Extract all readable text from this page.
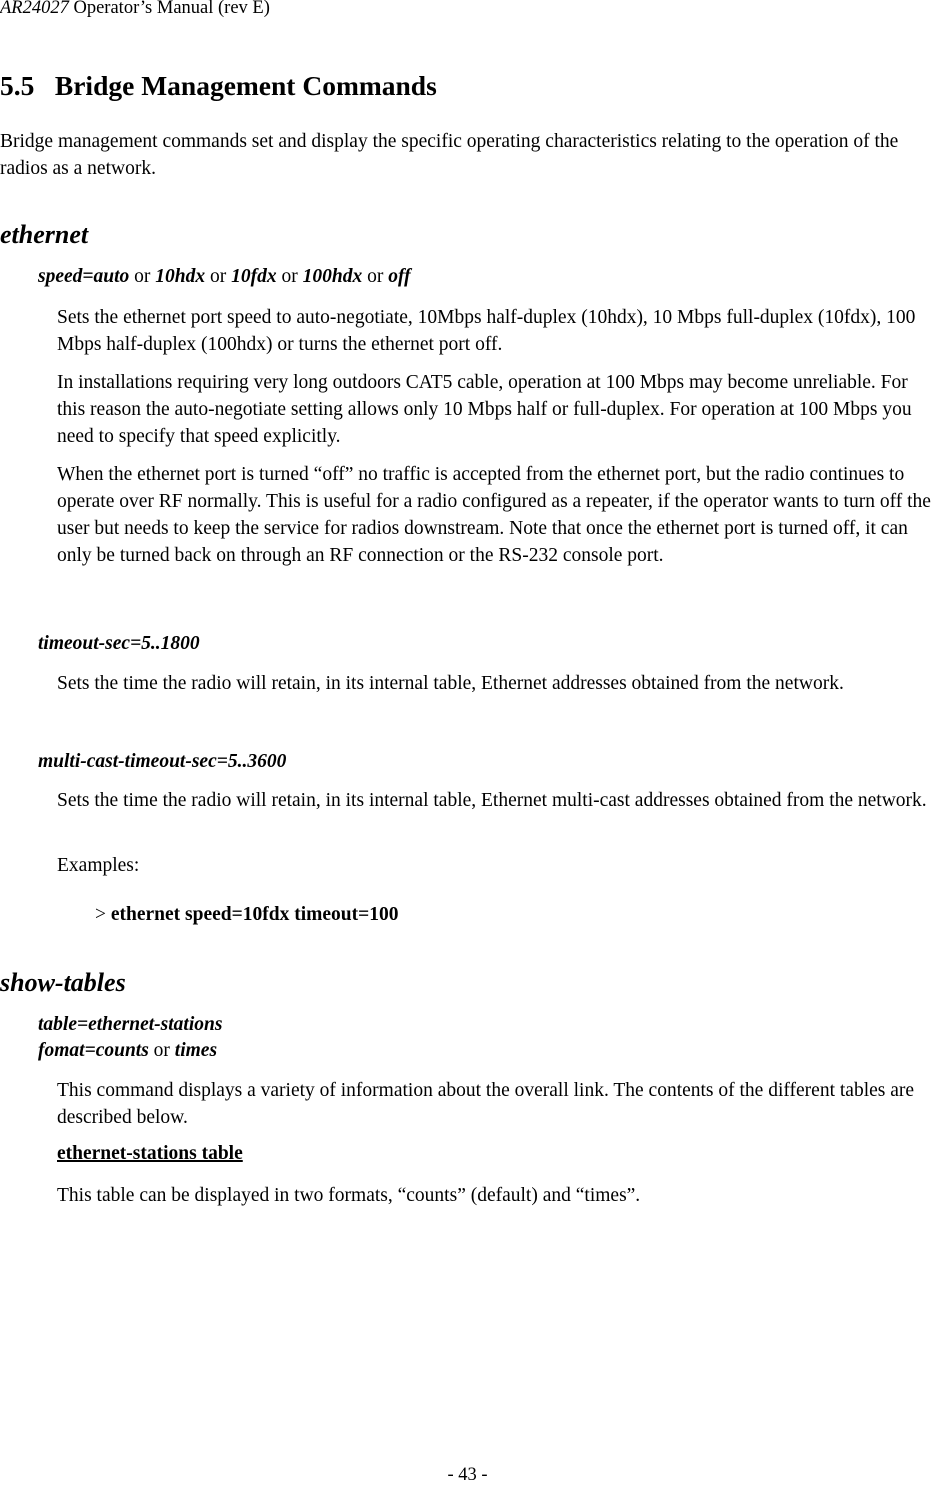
AR24027 Operator’s Manual (rev E)
5.5 Bridge Management Commands
Bridge management commands set and display the specific operating characteristics relating to the operation of the radios as a network.
ethernet
speed=auto or 10hdx or 10fdx or 100hdx or off
Sets the ethernet port speed to auto-negotiate, 10Mbps half-duplex (10hdx), 10 Mbps full-duplex (10fdx), 100 Mbps half-duplex (100hdx) or turns the ethernet port off.
In installations requiring very long outdoors CAT5 cable, operation at 100 Mbps may become unreliable. For this reason the auto-negotiate setting allows only 10 Mbps half or full-duplex. For operation at 100 Mbps you need to specify that speed explicitly.
When the ethernet port is turned “off” no traffic is accepted from the ethernet port, but the radio continues to operate over RF normally. This is useful for a radio configured as a repeater, if the operator wants to turn off the user but needs to keep the service for radios downstream. Note that once the ethernet port is turned off, it can only be turned back on through an RF connection or the RS-232 console port.
timeout-sec=5..1800
Sets the time the radio will retain, in its internal table, Ethernet addresses obtained from the network.
multi-cast-timeout-sec=5..3600
Sets the time the radio will retain, in its internal table, Ethernet multi-cast addresses obtained from the network.
Examples:
> ethernet speed=10fdx timeout=100
show-tables
table=ethernet-stations
fomat=counts or times
This command displays a variety of information about the overall link. The contents of the different tables are described below.
ethernet-stations table
This table can be displayed in two formats, “counts” (default) and “times”.
- 43 -
